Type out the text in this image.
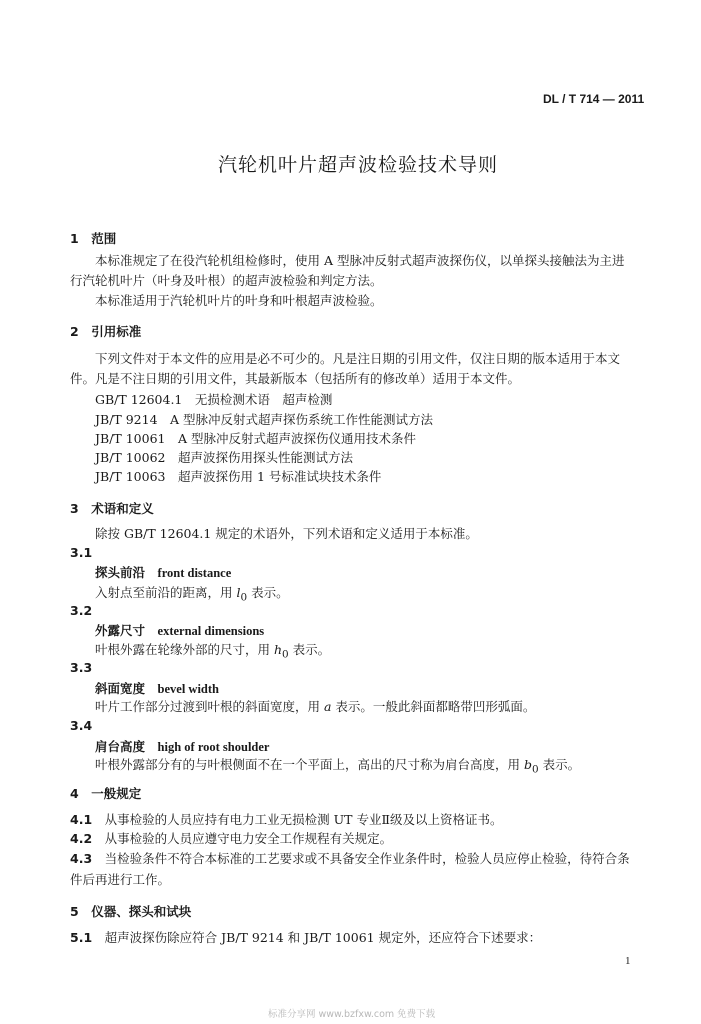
DL / T 714 — 2011
汽轮机叶片超声波检验技术导则
1　范围
本标准规定了在役汽轮机组检修时，使用 A 型脉冲反射式超声波探伤仪，以单探头接触法为主进
行汽轮机叶片（叶身及叶根）的超声波检验和判定方法。
本标准适用于汽轮机叶片的叶身和叶根超声波检验。
2　引用标准
下列文件对于本文件的应用是必不可少的。凡是注日期的引用文件，仅注日期的版本适用于本文
件。凡是不注日期的引用文件，其最新版本（包括所有的修改单）适用于本文件。
GB/T 12604.1　无损检测术语　超声检测
JB/T 9214　A 型脉冲反射式超声探伤系统工作性能测试方法
JB/T 10061　A 型脉冲反射式超声波探伤仪通用技术条件
JB/T 10062　超声波探伤用探头性能测试方法
JB/T 10063　超声波探伤用 1 号标准试块技术条件
3　术语和定义
除按 GB/T 12604.1 规定的术语外，下列术语和定义适用于本标准。
3.1
探头前沿　 front distance
入射点至前沿的距离，用 $l_0$ 表示。
3.2
外露尺寸　 external dimensions
叶根外露在轮缘外部的尺寸，用 $h_0$ 表示。
3.3
斜面宽度　 bevel width
叶片工作部分过渡到叶根的斜面宽度，用 a 表示。一般此斜面都略带凹形弧面。
3.4
肩台高度　 high of root shoulder
叶根外露部分有的与叶根侧面不在一个平面上，高出的尺寸称为肩台高度，用 $b_0$ 表示。
4　一般规定
4.1　 从事检验的人员应持有电力工业无损检测 UT 专业Ⅱ级及以上资格证书。
4.2　 从事检验的人员应遵守电力安全工作规程有关规定。
4.3　 当检验条件不符合本标准的工艺要求或不具备安全作业条件时，检验人员应停止检验，待符合条
件后再进行工作。
5　仪器、探头和试块
5.1　 超声波探伤除应符合 JB/T 9214 和 JB/T 10061 规定外，还应符合下述要求：
1
标准分享网 www.bzfxw.com 免费下载
